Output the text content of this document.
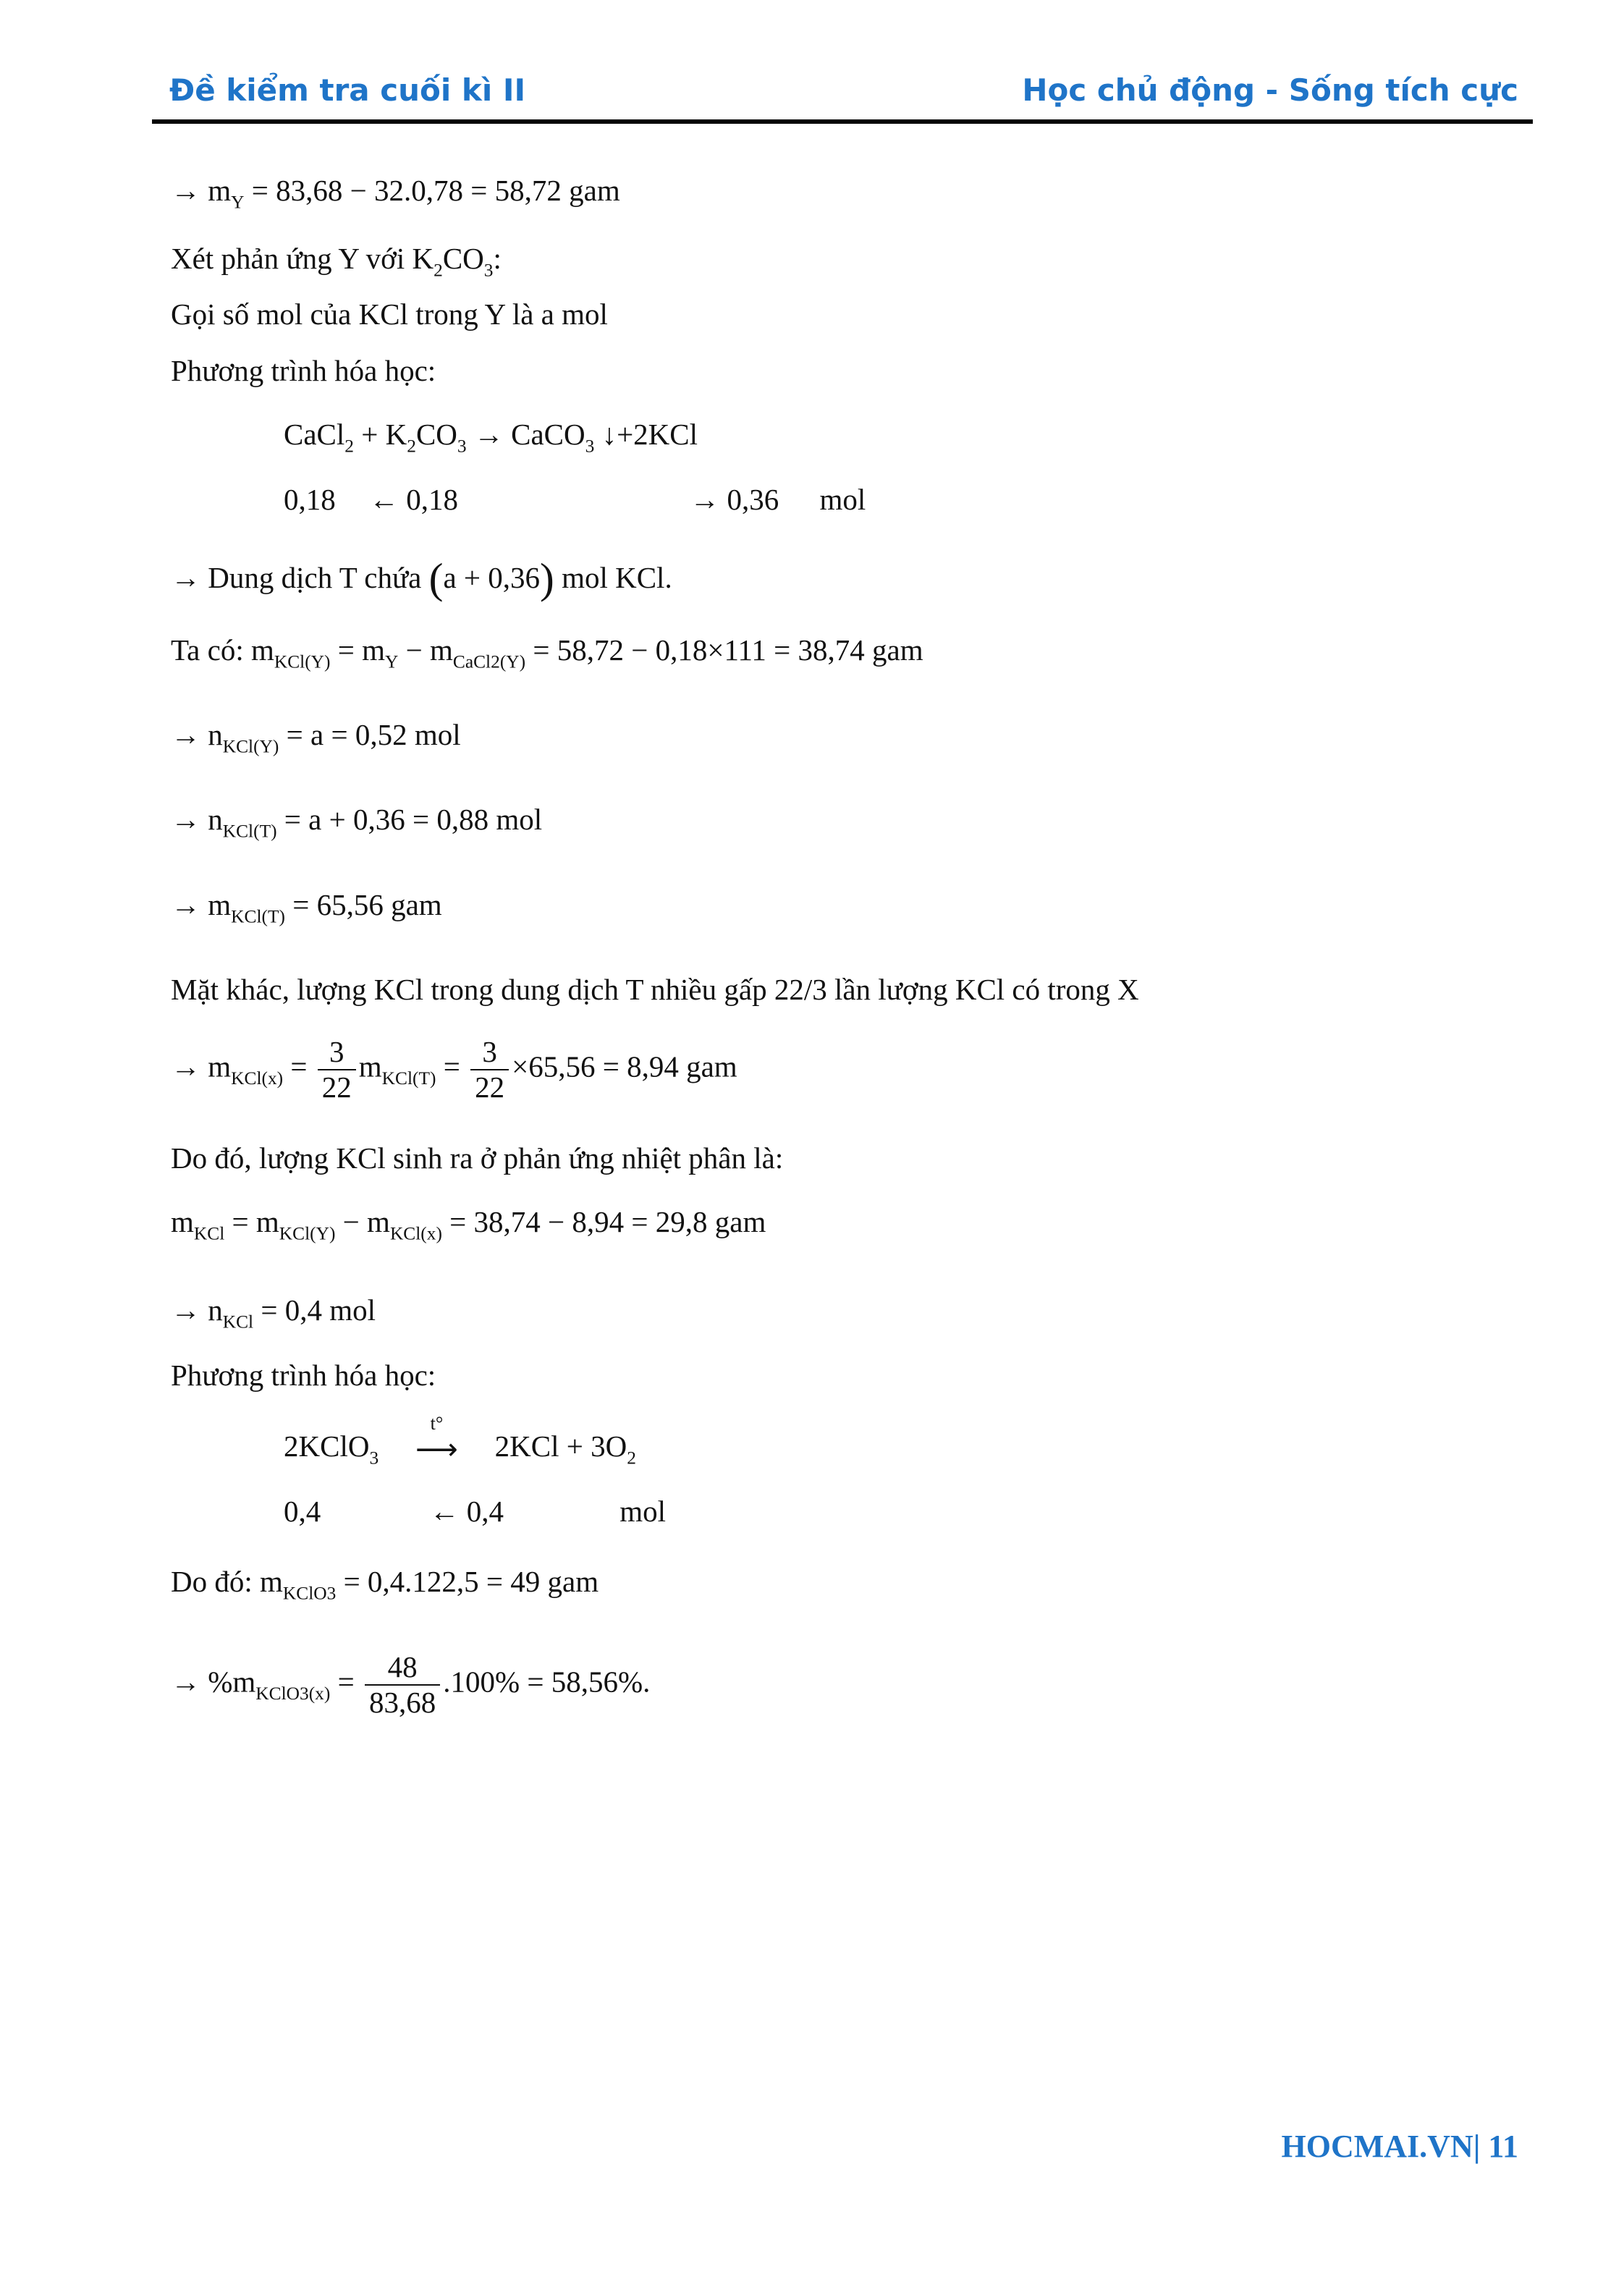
Đề kiểm tra cuối kì II	Học chủ động - Sống tích cực
→ $m_Y = 83,68 - 32.0,78 = 58,72$ gam
Xét phản ứng Y với $K_2CO_3$:
Gọi số mol của KCl trong Y là a mol
Phương trình hóa học:
CaCl$_2$ + $K_2CO_3$ → CaCO$_3$ ↓+2KCl
0,18 ← 0,18	→ 0,36 mol
→ Dung dịch T chứa (a + 0,36) mol KCl.
Ta có: $m_{KCl(Y)} = m_Y - m_{CaCl2(Y)} = 58,72 - 0,18\times 111 = 38,74$ gam
→ $n_{KCl(Y)} = a = 0,52$ mol
→ $n_{KCl(T)} = a + 0,36 = 0,88$ mol
→ $m_{KCl(T)} = 65,56$ gam
Mặt khác, lượng KCl trong dung dịch T nhiều gấp 22/3 lần lượng KCl có trong X
→ $m_{KCl(x)} = \frac{3}{22} m_{KCl(T)} = \frac{3}{22} \times 65,56 = 8,94$ gam
Do đó, lượng KCl sinh ra ở phản ứng nhiệt phân là:
$m_{KCl} = m_{KCl(Y)} - m_{KCl(x)} = 38,74 - 8,94 = 29,8$ gam
→ $n_{KCl} = 0,4$ mol
Phương trình hóa học:
2KClO$_3$
t°
⟶ $2KCl + 3O_2$
0,4	← 0,4	mol
Do đó: $m_{KClO3} = 0,4.122,5 = 49$ gam
→ $\%m_{KClO3(x)} = \frac{48}{83,68} .100\% = 58,56\%$.
HOCMAI.VN| 11
